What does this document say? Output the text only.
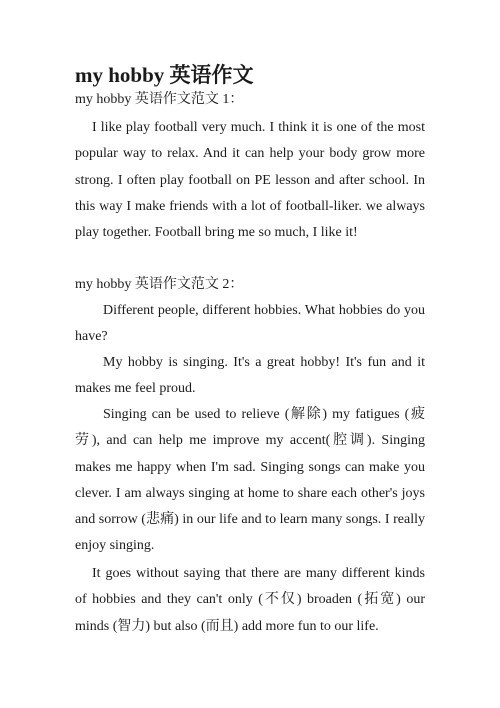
my hobby 英语作文
my hobby 英语作文范文 1：

I like play football very much. I think it is one of the most popular way to relax. And it can help your body grow more strong. I often play football on PE lesson and after school. In this way I make friends with a lot of football-liker. we always play together. Football bring me so much, I like it!

my hobby 英语作文范文 2：

Different people, different hobbies. What hobbies do you have?

My hobby is singing. It's a great hobby! It's fun and it makes me feel proud.

Singing can be used to relieve (解除) my fatigues (疲劳), and can help me improve my accent(腔调). Singing makes me happy when I'm sad. Singing songs can make you clever. I am always singing at home to share each other's joys and sorrow (悲痛) in our life and to learn many songs. I really enjoy singing.

It goes without saying that there are many different kinds of hobbies and they can't only (不仅) broaden (拓宽) our minds (智力) but also (而且) add more fun to our life.
